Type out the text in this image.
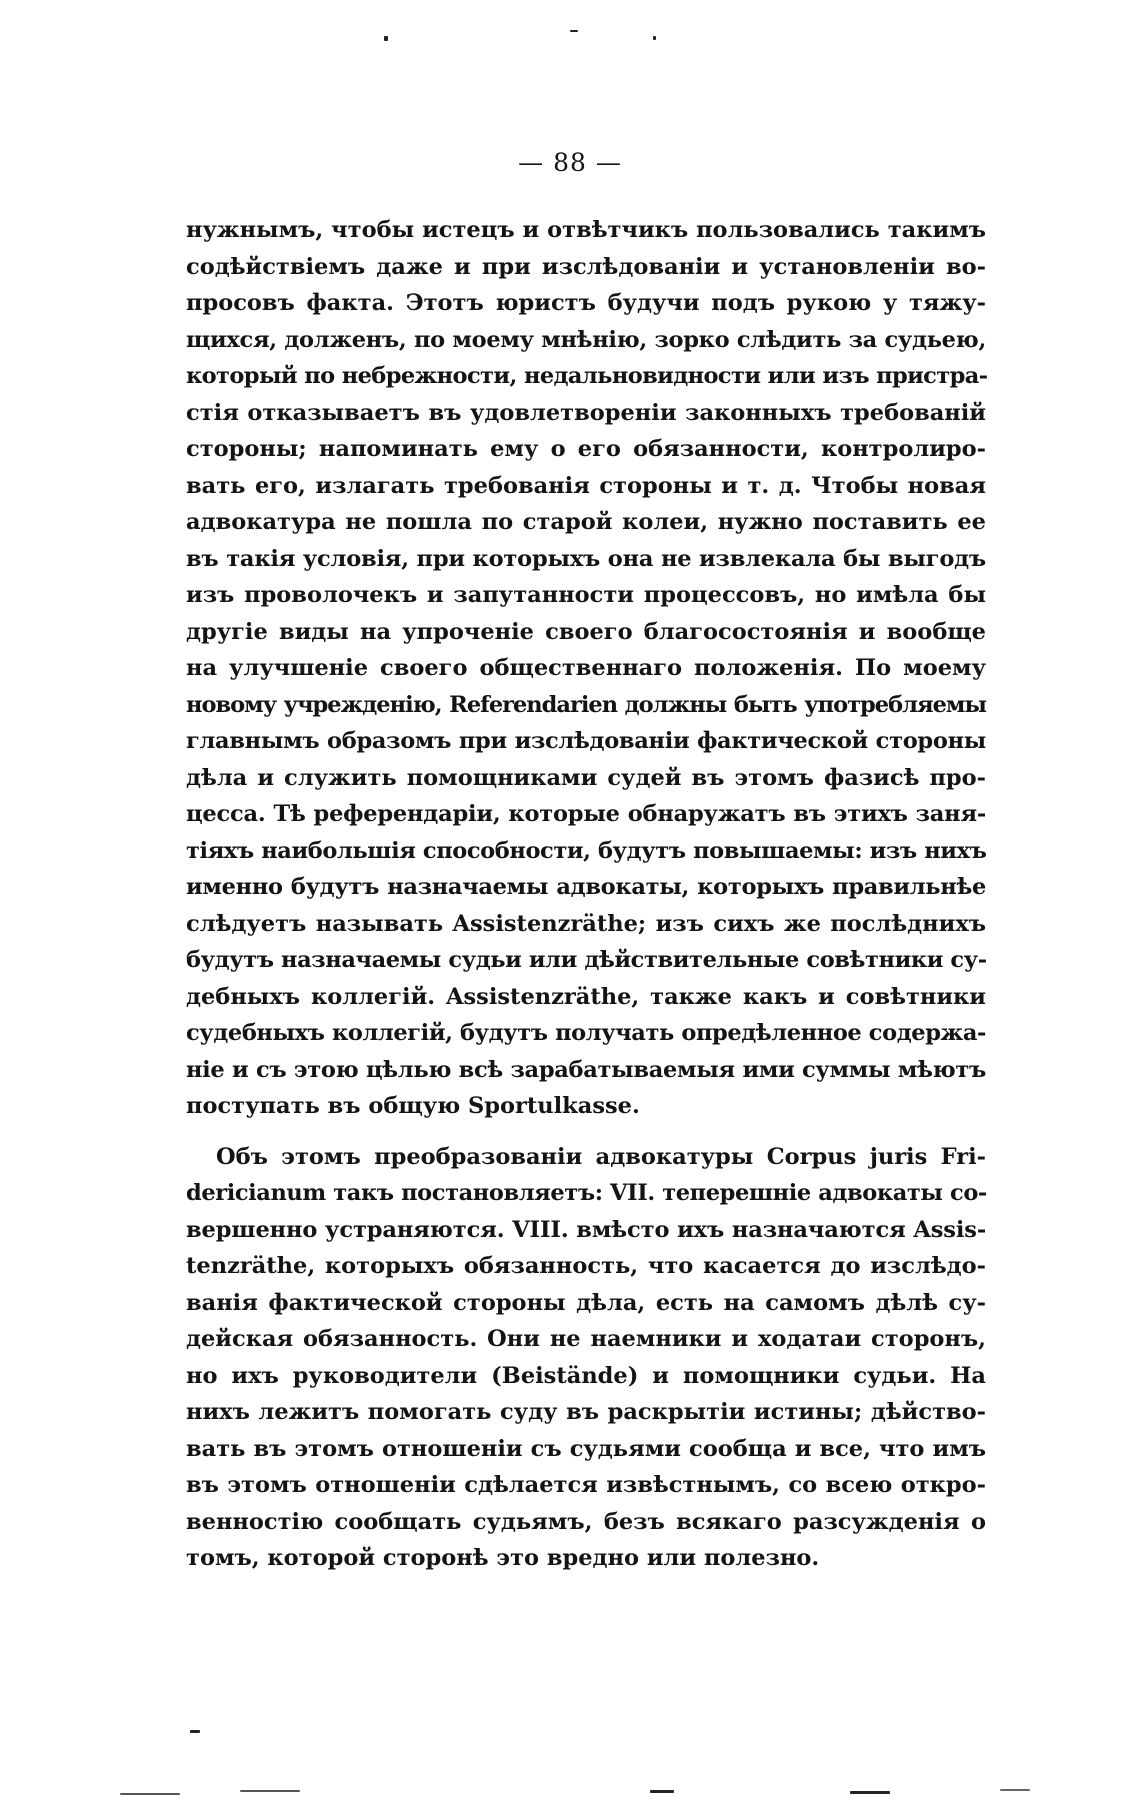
— 88 —
нужнымъ, чтобы истецъ и отвѣтчикъ пользовались такимъ
содѣйствіемъ даже и при изслѣдованіи и установленіи во-
просовъ факта. Этотъ юристъ будучи подъ рукою у тяжу-
щихся, долженъ, по моему мнѣнію, зорко слѣдить за судьею,
который по небрежности, недальновидности или изъ пристра-
стія отказываетъ въ удовлетвореніи законныхъ требованій
стороны; напоминать ему о его обязанности, контролиро-
вать его, излагать требованія стороны и т. д. Чтобы новая
адвокатура не пошла по старой колеи, нужно поставить ее
въ такія условія, при которыхъ она не извлекала бы выгодъ
изъ проволочекъ и запутанности процессовъ, но имѣла бы
другіе виды на упроченіе своего благосостоянія и вообще
на улучшеніе своего общественнаго положенія. По моему
новому учрежденію, Referendarien должны быть употребляемы
главнымъ образомъ при изслѣдованіи фактической стороны
дѣла и служить помощниками судей въ этомъ фазисѣ про-
цесса. Тѣ референдаріи, которые обнаружатъ въ этихъ заня-
тіяхъ наибольшія способности, будутъ повышаемы: изъ нихъ
именно будутъ назначаемы адвокаты, которыхъ правильнѣе
слѣдуетъ называть Assistenzräthe; изъ сихъ же послѣднихъ
будутъ назначаемы судьи или дѣйствительные совѣтники су-
дебныхъ коллегій. Assistenzräthe, также какъ и совѣтники
судебныхъ коллегій, будутъ получать опредѣленное содержа-
ніе и съ этою цѣлью всѣ зарабатываемыя ими суммы мѣютъ
поступать въ общую Sportulkasse.
Объ этомъ преобразованіи адвокатуры Corpus juris Fri-
dericianum такъ постановляетъ: VII. теперешніе адвокаты со-
вершенно устраняются. VIII. вмѣсто ихъ назначаются Assis-
tenzräthe, которыхъ обязанность, что касается до изслѣдо-
ванія фактической стороны дѣла, есть на самомъ дѣлѣ су-
дейская обязанность. Они не наемники и ходатаи сторонъ,
но ихъ руководители (Beistände) и помощники судьи. На
нихъ лежитъ помогать суду въ раскрытіи истины; дѣйство-
вать въ этомъ отношеніи съ судьями сообща и все, что имъ
въ этомъ отношеніи сдѣлается извѣстнымъ, со всею откро-
венностію сообщать судьямъ, безъ всякаго разсужденія о
томъ, которой сторонѣ это вредно или полезно.
